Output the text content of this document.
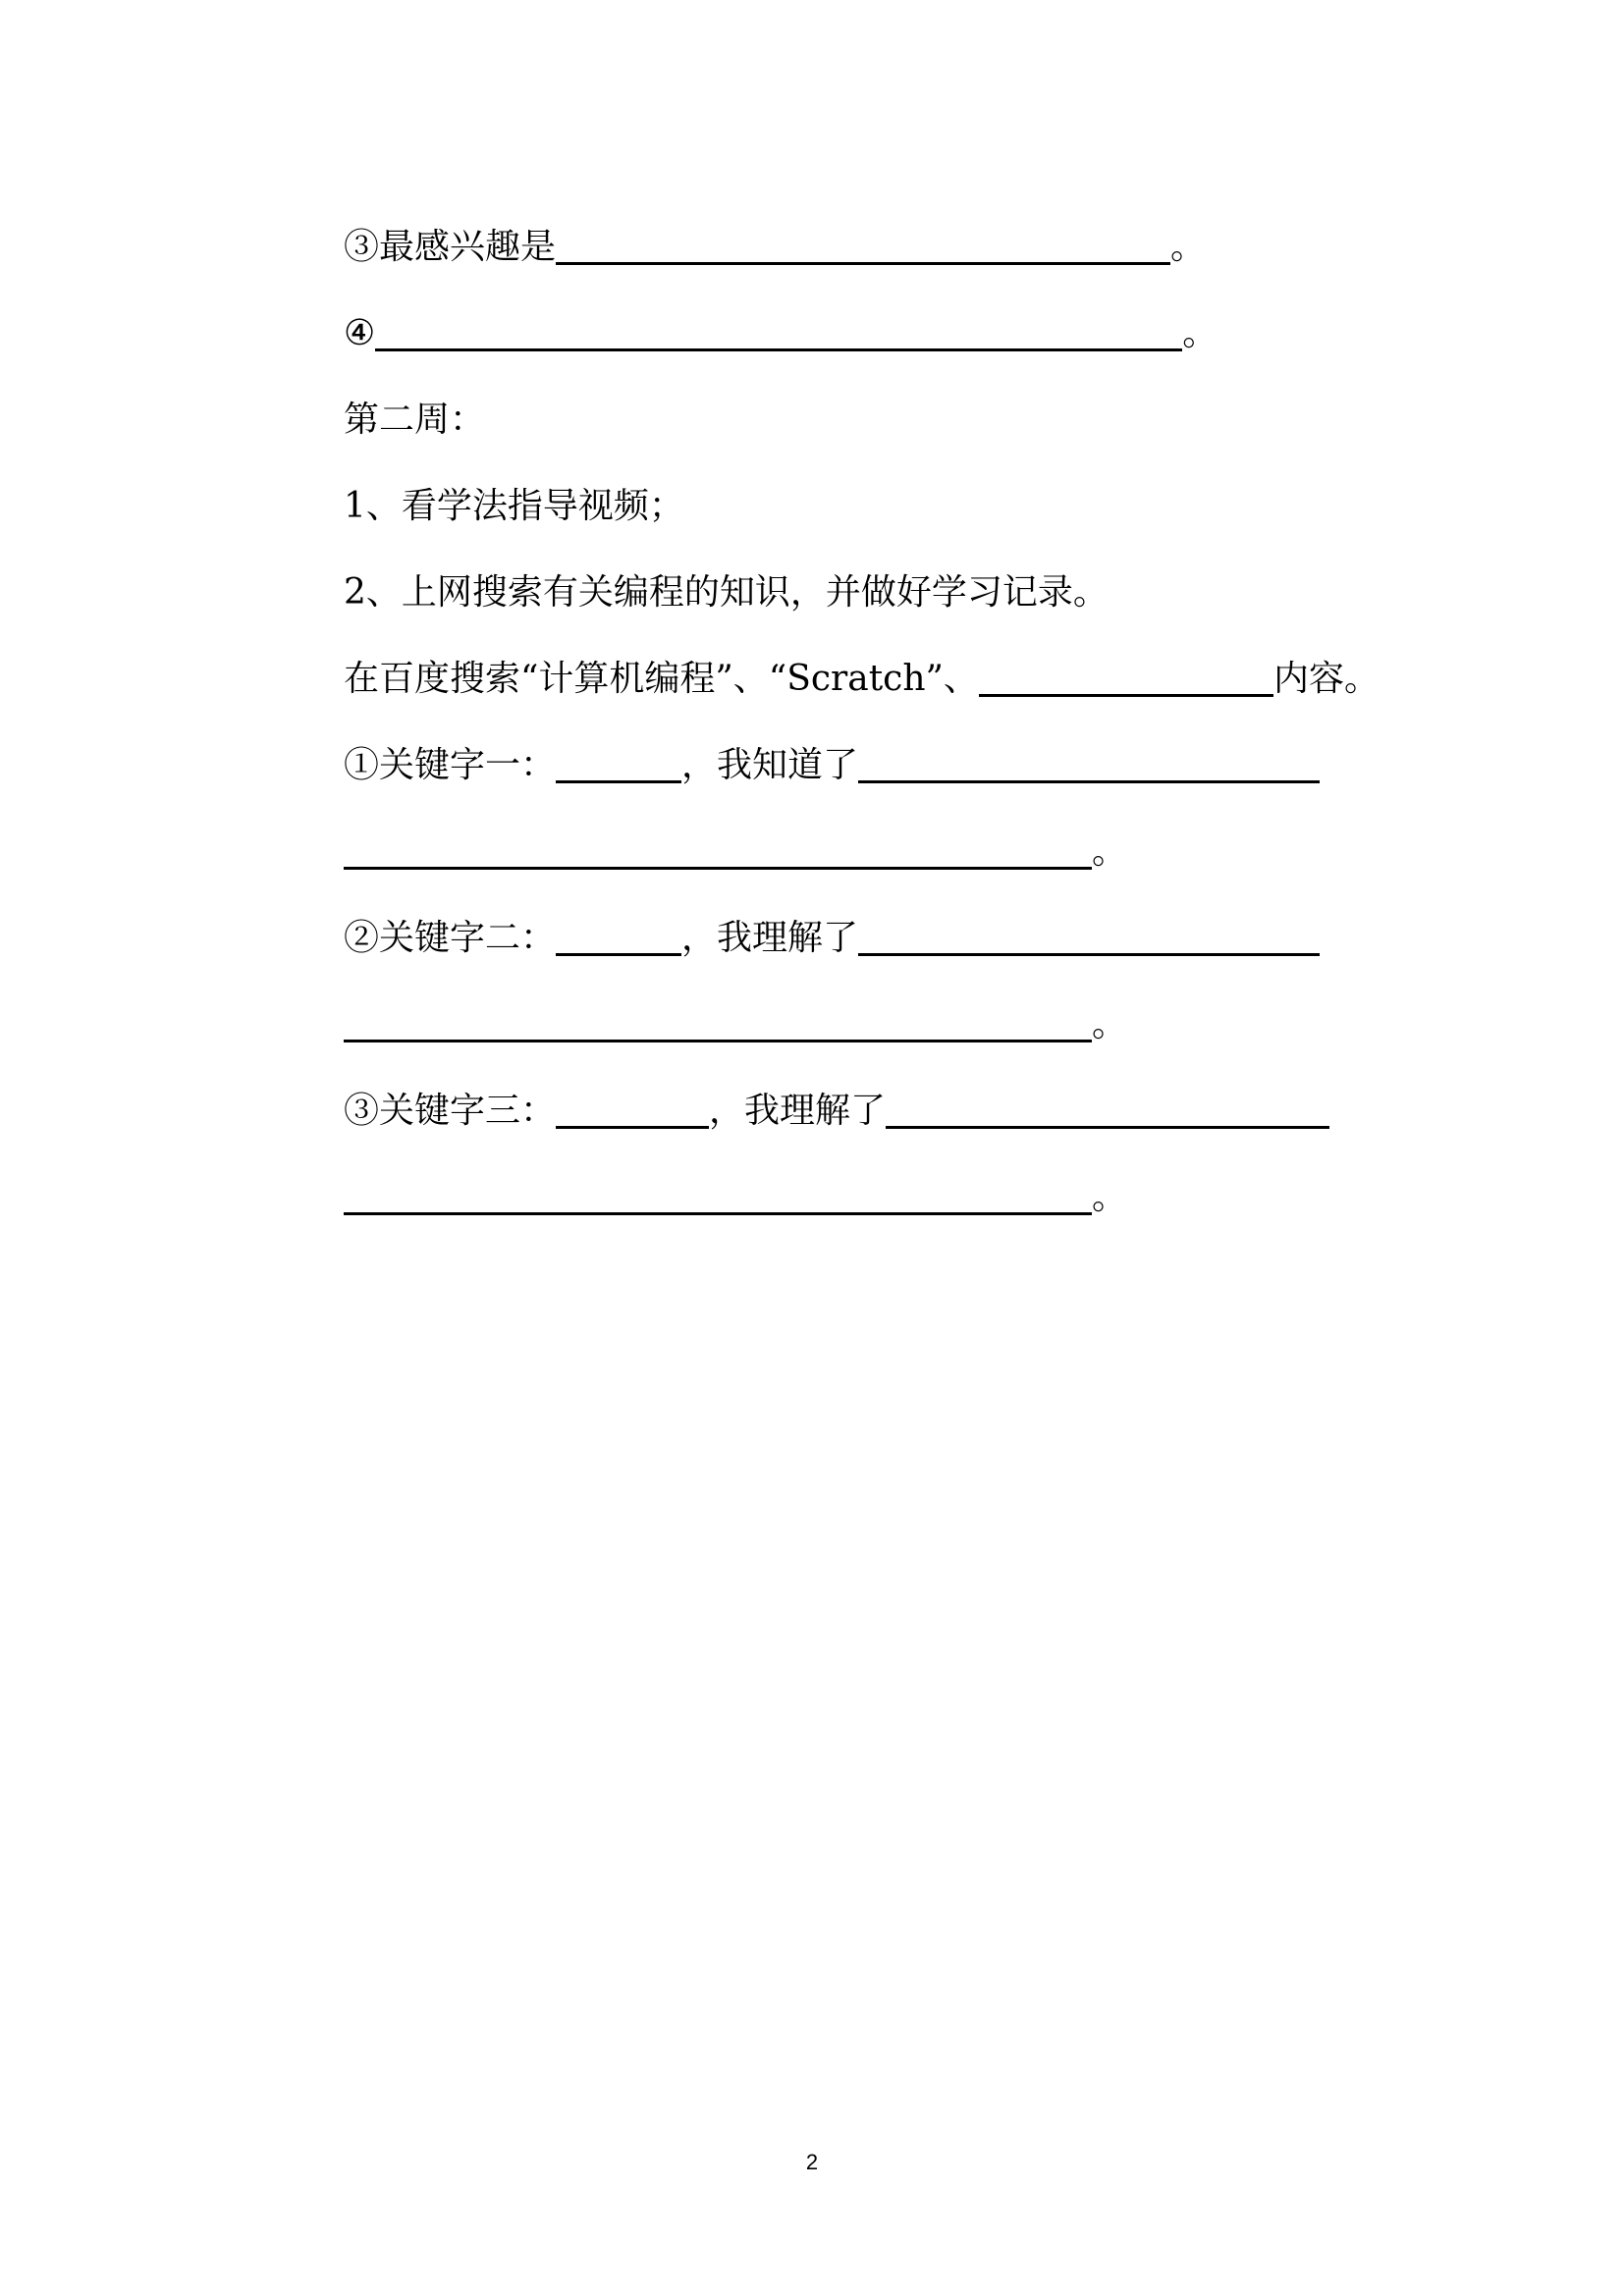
③最感兴趣是	。
④	。
第二周：
1、看学法指导视频；
2、上网搜索有关编程的知识，并做好学习记录。
在百度搜索“计算机编程”、“Scratch”、	内容。
①关键字一：	，我知道了
。
②关键字二：	，我理解了
。
③关键字三：	，我理解了
。
2
